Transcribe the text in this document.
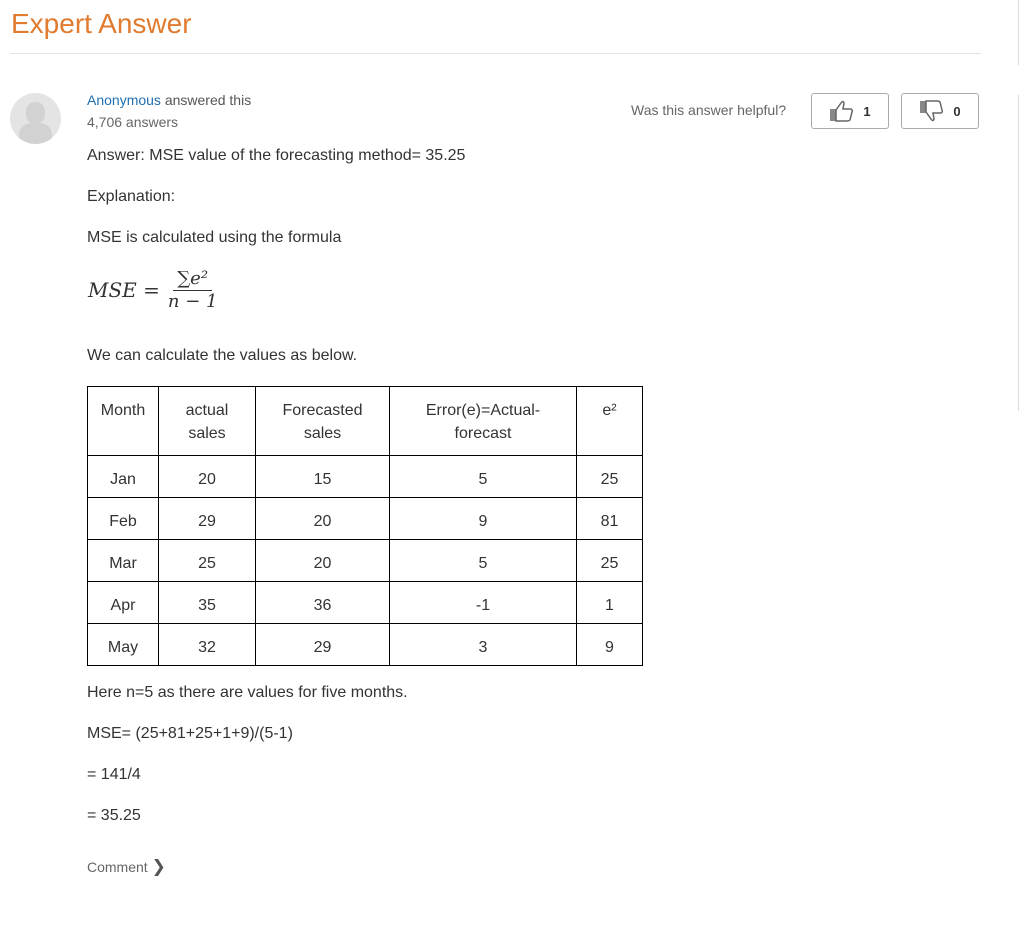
Expert Answer
Anonymous answered this
4,706 answers
Was this answer helpful?	1	0
Answer: MSE value of the forecasting method= 35.25
Explanation:
MSE is calculated using the formula
MSE = $\frac{\text{∑e²}}{n - 1}$
We can calculate the values as below.
Month	actual sales	Forecasted sales	Error(e)=Actual-forecast	e²
Jan	20	15	5	25
Feb	29	20	9	81
Mar	25	20	5	25
Apr	35	36	-1	1
May	32	29	3	9
Here n=5 as there are values for five months.
MSE= (25+81+25+1+9)/(5-1)
= 141/4
= 35.25
Comment ❯
